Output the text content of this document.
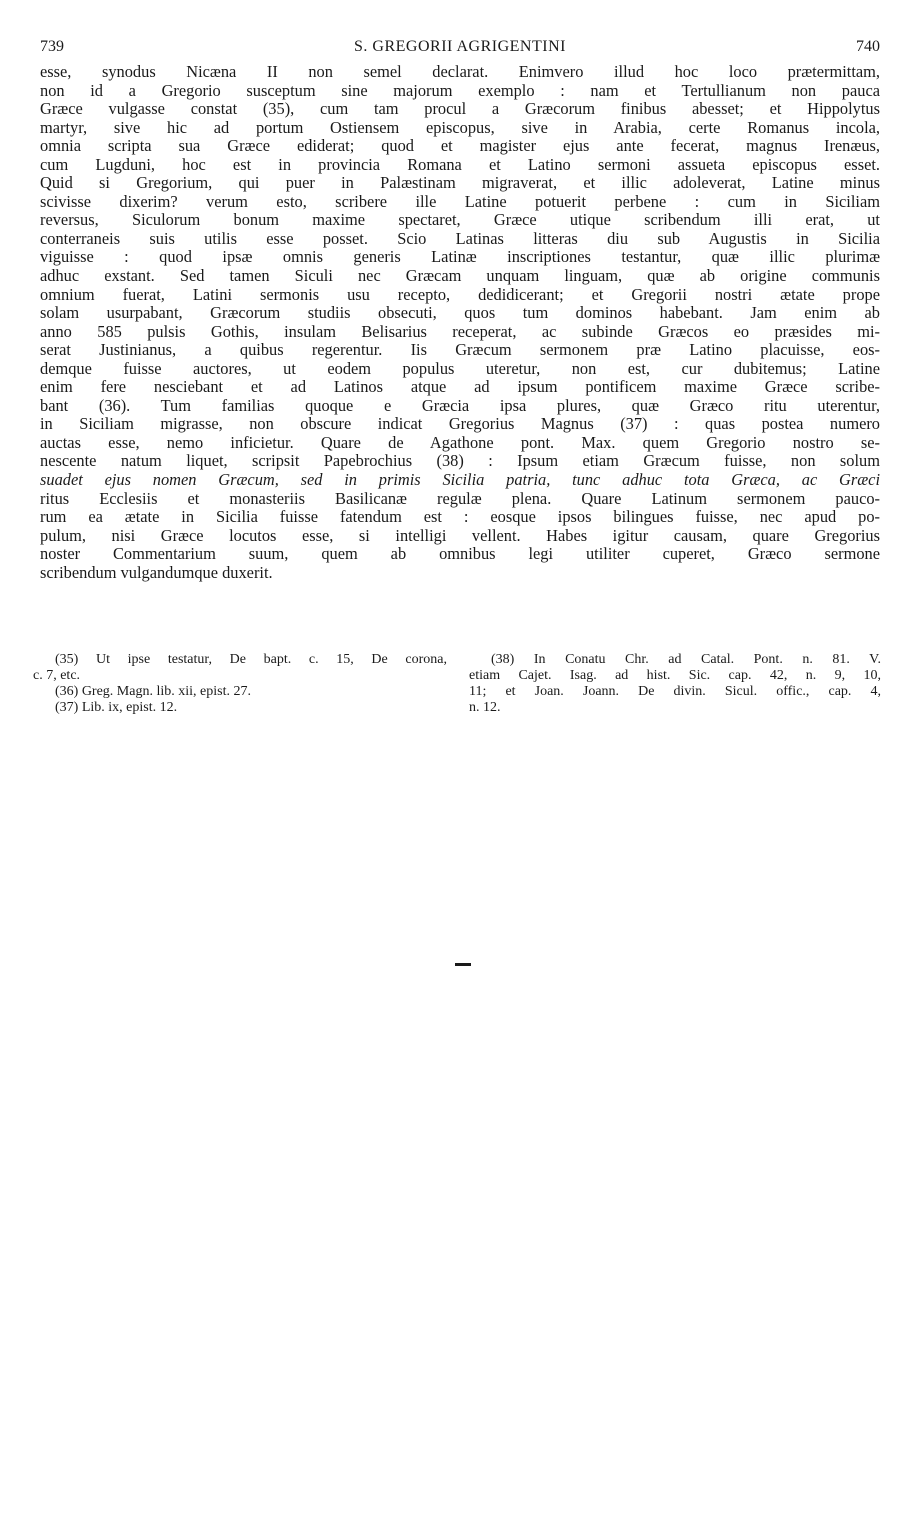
739	S. GREGORII AGRIGENTINI	740
esse, synodus Nicæna II non semel declarat. Enimvero illud hoc loco prætermittam,
non id a Gregorio susceptum sine majorum exemplo : nam et Tertullianum non pauca
Græce vulgasse constat (35), cum tam procul a Græcorum finibus abesset; et Hippolytus
martyr, sive hic ad portum Ostiensem episcopus, sive in Arabia, certe Romanus incola,
omnia scripta sua Græce ediderat; quod et magister ejus ante fecerat, magnus Irenæus,
cum Lugduni, hoc est in provincia Romana et Latino sermoni assueta episcopus esset.
Quid si Gregorium, qui puer in Palæstinam migraverat, et illic adoleverat, Latine minus
scivisse dixerim? verum esto, scribere ille Latine potuerit perbene : cum in Siciliam
reversus, Siculorum bonum maxime spectaret, Græce utique scribendum illi erat, ut
conterraneis suis utilis esse posset. Scio Latinas litteras diu sub Augustis in Sicilia
viguisse : quod ipsæ omnis generis Latinæ inscriptiones testantur, quæ illic plurimæ
adhuc exstant. Sed tamen Siculi nec Græcam unquam linguam, quæ ab origine communis
omnium fuerat, Latini sermonis usu recepto, dedidicerant; et Gregorii nostri ætate prope
solam usurpabant, Græcorum studiis obsecuti, quos tum dominos habebant. Jam enim ab
anno 585 pulsis Gothis, insulam Belisarius receperat, ac subinde Græcos eo præsides mi-
serat Justinianus, a quibus regerentur. Iis Græcum sermonem præ Latino placuisse, eos-
demque fuisse auctores, ut eodem populus uteretur, non est, cur dubitemus; Latine
enim fere nesciebant et ad Latinos atque ad ipsum pontificem maxime Græce scribe-
bant (36). Tum familias quoque e Græcia ipsa plures, quæ Græco ritu uterentur,
in Siciliam migrasse, non obscure indicat Gregorius Magnus (37) : quas postea numero
auctas esse, nemo inficietur. Quare de Agathone pont. Max. quem Gregorio nostro se-
nescente natum liquet, scripsit Papebrochius (38) : Ipsum etiam Græcum fuisse, non solum
suadet ejus nomen Græcum, sed in primis Sicilia patria, tunc adhuc tota Græca, ac Græci
ritus Ecclesiis et monasteriis Basilicanæ regulæ plena. Quare Latinum sermonem pauco-
rum ea ætate in Sicilia fuisse fatendum est : eosque ipsos bilingues fuisse, nec apud po-
pulum, nisi Græce locutos esse, si intelligi vellent. Habes igitur causam, quare Gregorius
noster Commentarium suum, quem ab omnibus legi utiliter cuperet, Græco sermone
scribendum vulgandumque duxerit.
(35) Ut ipse testatur, De bapt. c. 15, De corona,
c. 7, etc.
(36) Greg. Magn. lib. xii, epist. 27.
(37) Lib. ix, epist. 12.
(38) In Conatu Chr. ad Catal. Pont. n. 81. V.
etiam Cajet. Isag. ad hist. Sic. cap. 42, n. 9, 10,
11; et Joan. Joann. De divin. Sicul. offic., cap. 4,
n. 12.
